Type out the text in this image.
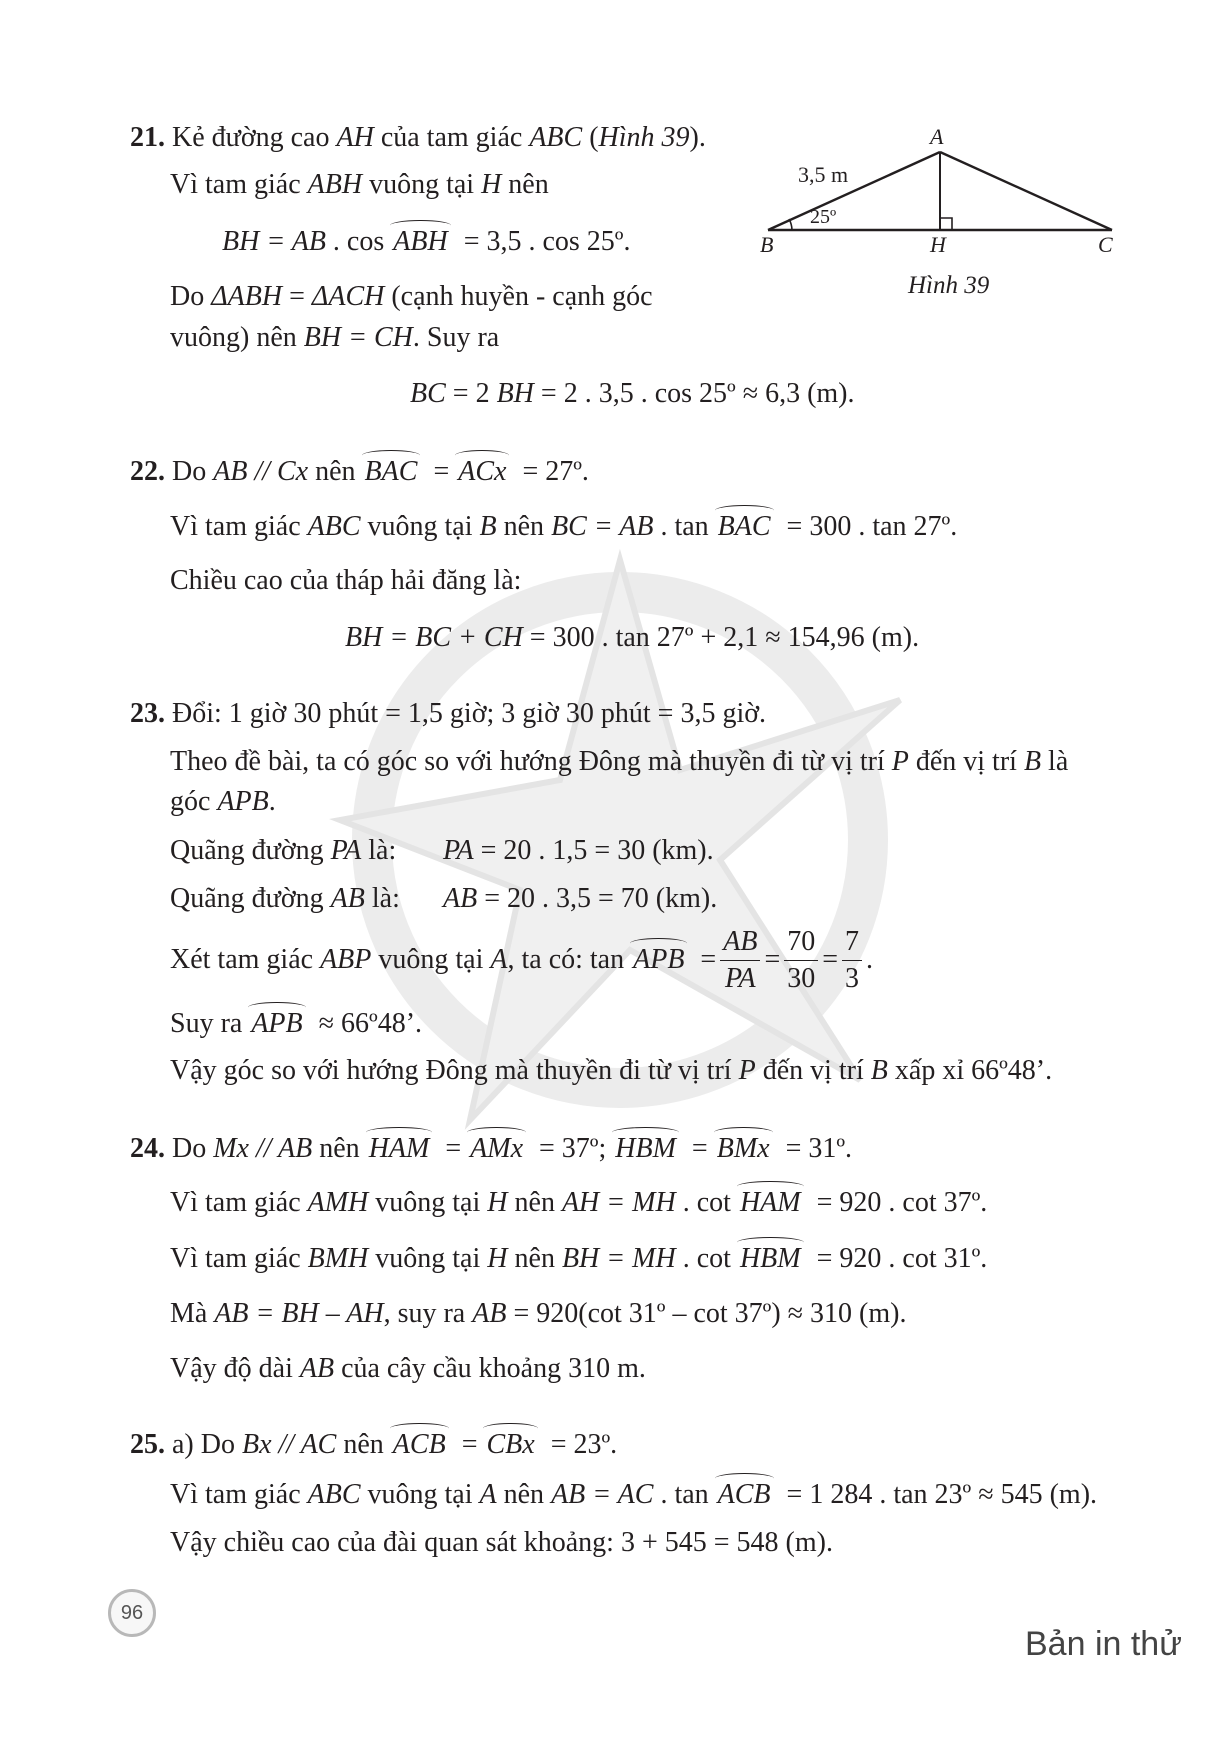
A
B	H	C
3,5 m
25º
Hình 39
21. Kẻ đường cao AH của tam giác ABC (Hình 39).
Vì tam giác ABH vuông tại H nên
BH = AB . cos ABH = 3,5 . cos 25º.
Do ΔABH = ΔACH (cạnh huyền - cạnh góc
vuông) nên BH = CH. Suy ra
BC = 2 BH = 2 . 3,5 . cos 25º ≈ 6,3 (m).
22. Do AB // Cx nên BAC = ACx = 27º.
Vì tam giác ABC vuông tại B nên BC = AB . tan BAC = 300 . tan 27º.
Chiều cao của tháp hải đăng là:
BH = BC + CH = 300 . tan 27º + 2,1 ≈ 154,96 (m).
23. Đổi: 1 giờ 30 phút = 1,5 giờ; 3 giờ 30 phút = 3,5 giờ.
Theo đề bài, ta có góc so với hướng Đông mà thuyền đi từ vị trí P đến vị trí B là
góc APB.
Quãng đường PA là: PA = 20 . 1,5 = 30 (km).
Quãng đường AB là: AB = 20 . 3,5 = 70 (km).
Xét tam giác
ABP
vuông tại
A , ta có: tan
APB
= $\frac{AB}{PA} = \frac{70}{30} = \frac{7}{3}$ .
Suy ra APB ≈ 66º48’.
Vậy góc so với hướng Đông mà thuyền đi từ vị trí P đến vị trí B xấp xỉ 66º48’.
24. Do Mx // AB nên HAM = AMx = 37º; HBM = BMx = 31º.
Vì tam giác AMH vuông tại H nên AH = MH . cot HAM = 920 . cot 37º.
Vì tam giác BMH vuông tại H nên BH = MH . cot HBM = 920 . cot 31º.
Mà AB = BH – AH, suy ra AB = 920(cot 31º – cot 37º) ≈ 310 (m).
Vậy độ dài AB của cây cầu khoảng 310 m.
25. a) Do Bx // AC nên ACB = CBx = 23º.
Vì tam giác ABC vuông tại A nên AB = AC . tan ACB = 1 284 . tan 23º ≈ 545 (m).
Vậy chiều cao của đài quan sát khoảng: 3 + 545 = 548 (m).
96
Bản in thử
